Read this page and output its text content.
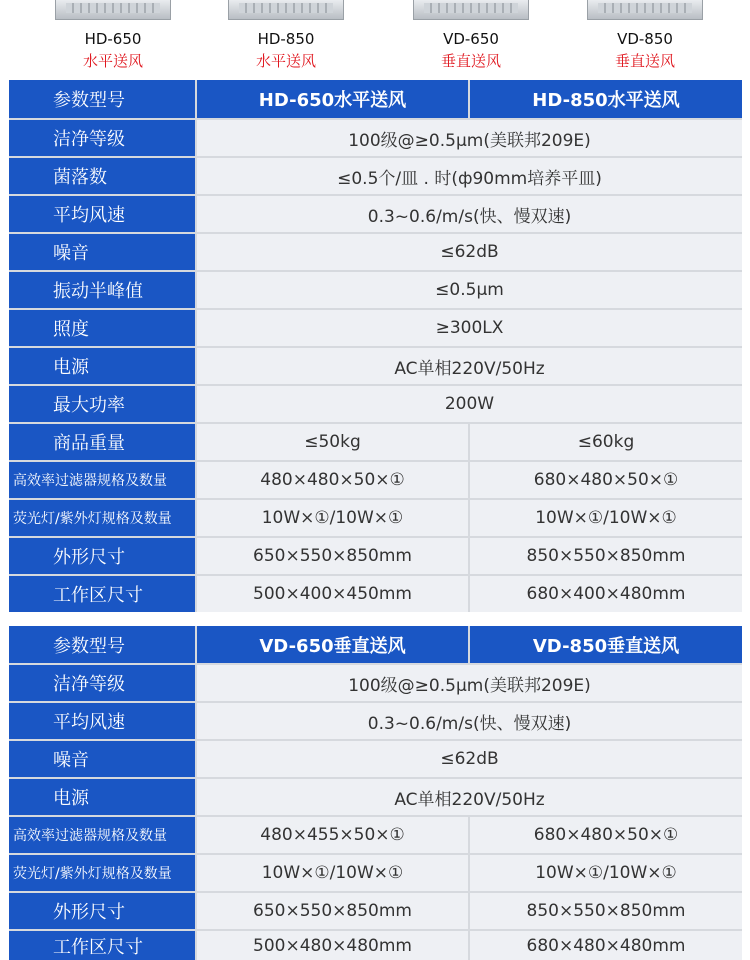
HD-650
水平送风
HD-850
水平送风
VD-650
垂直送风
VD-850
垂直送风
参数型号	HD-650水平送风	HD-850水平送风
洁净等级	100级@≥0.5μm(美联邦209E)
菌落数	≤0.5个/皿 . 时(ф90mm培养平皿)
平均风速	0.3~0.6/m/s(快、慢双速)
噪音	≤62dB
振动半峰值	≤0.5μm
照度	≥300LX
电源	AC单相220V/50Hz
最大功率	200W
商品重量	≤50kg	≤60kg
高效率过滤器规格及数量	480×480×50×①	680×480×50×①
荧光灯/紫外灯规格及数量	10W×①/10W×①	10W×①/10W×①
外形尺寸	650×550×850mm	850×550×850mm
工作区尺寸	500×400×450mm	680×400×480mm
参数型号	VD-650垂直送风	VD-850垂直送风
洁净等级	100级@≥0.5μm(美联邦209E)
平均风速	0.3~0.6/m/s(快、慢双速)
噪音	≤62dB
电源	AC单相220V/50Hz
高效率过滤器规格及数量	480×455×50×①	680×480×50×①
荧光灯/紫外灯规格及数量	10W×①/10W×①	10W×①/10W×①
外形尺寸	650×550×850mm	850×550×850mm
工作区尺寸	500×480×480mm	680×480×480mm
